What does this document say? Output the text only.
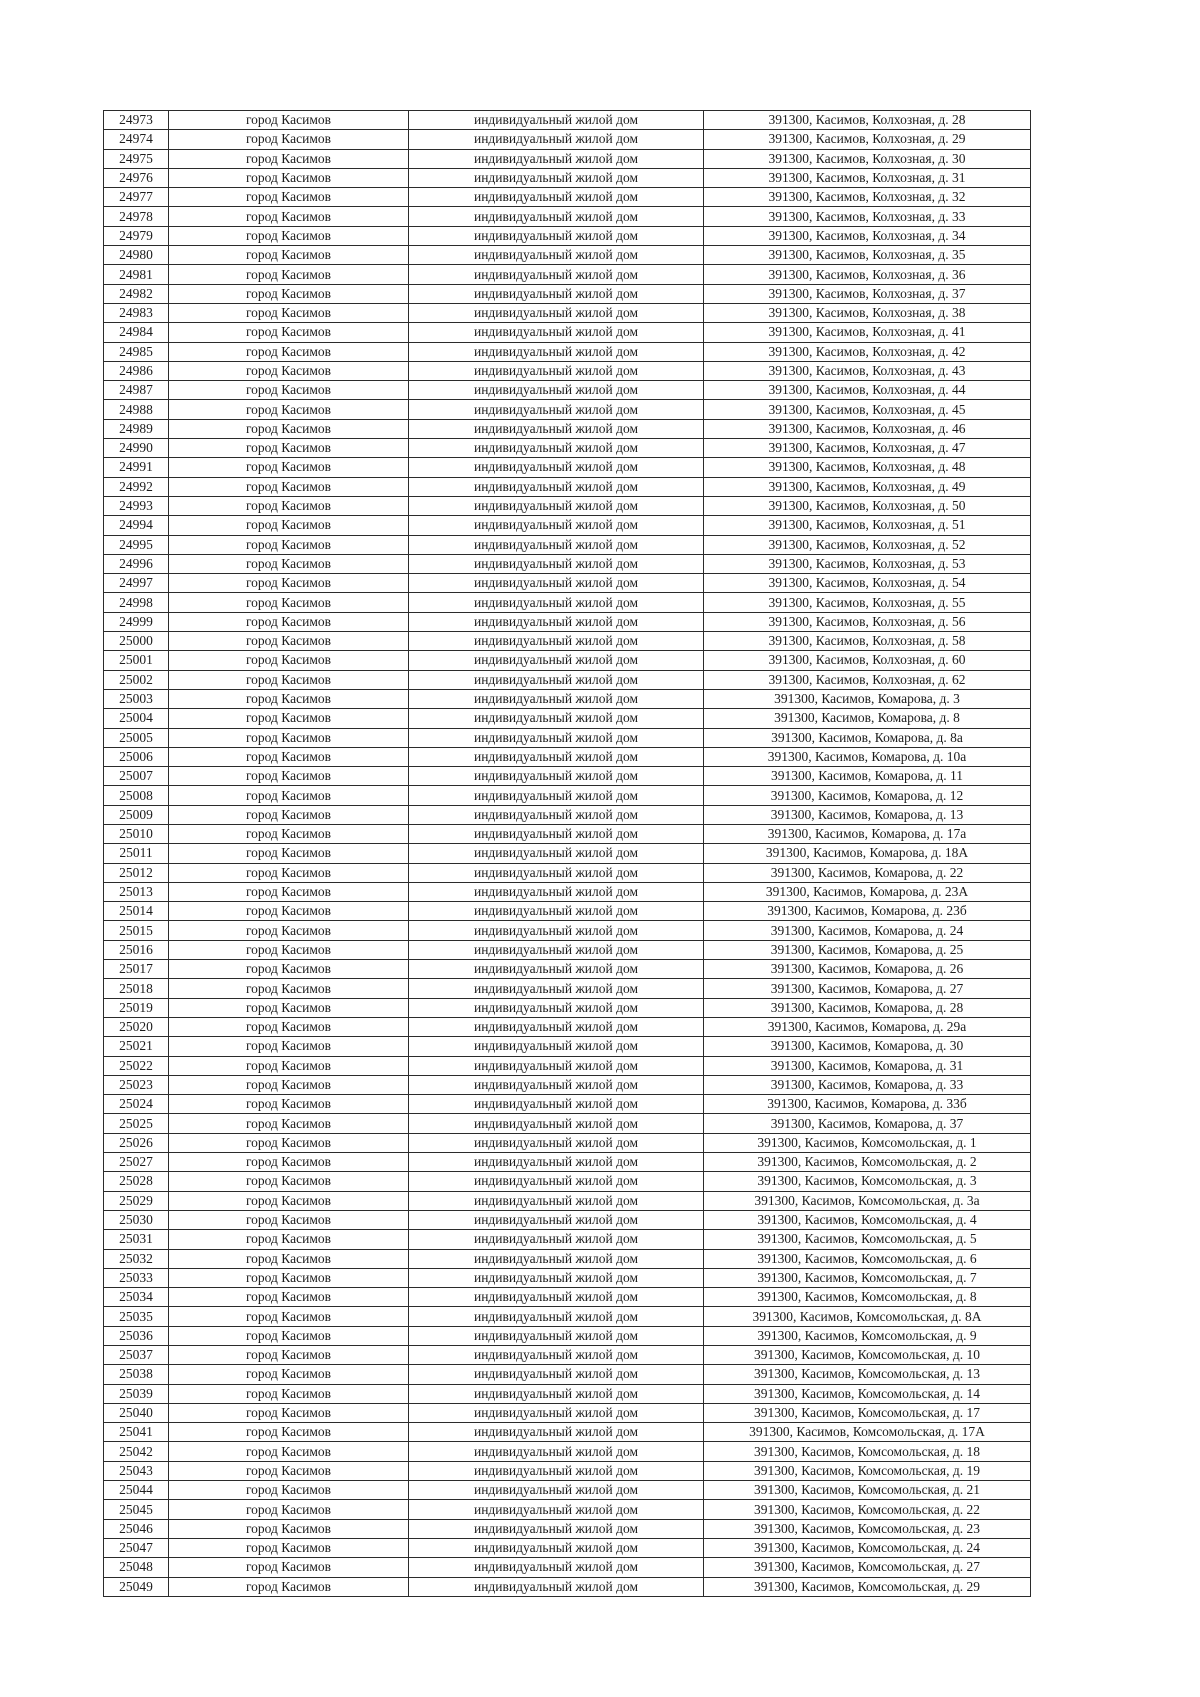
24973	город Касимов	индивидуальный жилой дом	391300, Касимов, Колхозная, д. 28
24974	город Касимов	индивидуальный жилой дом	391300, Касимов, Колхозная, д. 29
24975	город Касимов	индивидуальный жилой дом	391300, Касимов, Колхозная, д. 30
24976	город Касимов	индивидуальный жилой дом	391300, Касимов, Колхозная, д. 31
24977	город Касимов	индивидуальный жилой дом	391300, Касимов, Колхозная, д. 32
24978	город Касимов	индивидуальный жилой дом	391300, Касимов, Колхозная, д. 33
24979	город Касимов	индивидуальный жилой дом	391300, Касимов, Колхозная, д. 34
24980	город Касимов	индивидуальный жилой дом	391300, Касимов, Колхозная, д. 35
24981	город Касимов	индивидуальный жилой дом	391300, Касимов, Колхозная, д. 36
24982	город Касимов	индивидуальный жилой дом	391300, Касимов, Колхозная, д. 37
24983	город Касимов	индивидуальный жилой дом	391300, Касимов, Колхозная, д. 38
24984	город Касимов	индивидуальный жилой дом	391300, Касимов, Колхозная, д. 41
24985	город Касимов	индивидуальный жилой дом	391300, Касимов, Колхозная, д. 42
24986	город Касимов	индивидуальный жилой дом	391300, Касимов, Колхозная, д. 43
24987	город Касимов	индивидуальный жилой дом	391300, Касимов, Колхозная, д. 44
24988	город Касимов	индивидуальный жилой дом	391300, Касимов, Колхозная, д. 45
24989	город Касимов	индивидуальный жилой дом	391300, Касимов, Колхозная, д. 46
24990	город Касимов	индивидуальный жилой дом	391300, Касимов, Колхозная, д. 47
24991	город Касимов	индивидуальный жилой дом	391300, Касимов, Колхозная, д. 48
24992	город Касимов	индивидуальный жилой дом	391300, Касимов, Колхозная, д. 49
24993	город Касимов	индивидуальный жилой дом	391300, Касимов, Колхозная, д. 50
24994	город Касимов	индивидуальный жилой дом	391300, Касимов, Колхозная, д. 51
24995	город Касимов	индивидуальный жилой дом	391300, Касимов, Колхозная, д. 52
24996	город Касимов	индивидуальный жилой дом	391300, Касимов, Колхозная, д. 53
24997	город Касимов	индивидуальный жилой дом	391300, Касимов, Колхозная, д. 54
24998	город Касимов	индивидуальный жилой дом	391300, Касимов, Колхозная, д. 55
24999	город Касимов	индивидуальный жилой дом	391300, Касимов, Колхозная, д. 56
25000	город Касимов	индивидуальный жилой дом	391300, Касимов, Колхозная, д. 58
25001	город Касимов	индивидуальный жилой дом	391300, Касимов, Колхозная, д. 60
25002	город Касимов	индивидуальный жилой дом	391300, Касимов, Колхозная, д. 62
25003	город Касимов	индивидуальный жилой дом	391300, Касимов, Комарова, д. 3
25004	город Касимов	индивидуальный жилой дом	391300, Касимов, Комарова, д. 8
25005	город Касимов	индивидуальный жилой дом	391300, Касимов, Комарова, д. 8а
25006	город Касимов	индивидуальный жилой дом	391300, Касимов, Комарова, д. 10а
25007	город Касимов	индивидуальный жилой дом	391300, Касимов, Комарова, д. 11
25008	город Касимов	индивидуальный жилой дом	391300, Касимов, Комарова, д. 12
25009	город Касимов	индивидуальный жилой дом	391300, Касимов, Комарова, д. 13
25010	город Касимов	индивидуальный жилой дом	391300, Касимов, Комарова, д. 17а
25011	город Касимов	индивидуальный жилой дом	391300, Касимов, Комарова, д. 18А
25012	город Касимов	индивидуальный жилой дом	391300, Касимов, Комарова, д. 22
25013	город Касимов	индивидуальный жилой дом	391300, Касимов, Комарова, д. 23А
25014	город Касимов	индивидуальный жилой дом	391300, Касимов, Комарова, д. 23б
25015	город Касимов	индивидуальный жилой дом	391300, Касимов, Комарова, д. 24
25016	город Касимов	индивидуальный жилой дом	391300, Касимов, Комарова, д. 25
25017	город Касимов	индивидуальный жилой дом	391300, Касимов, Комарова, д. 26
25018	город Касимов	индивидуальный жилой дом	391300, Касимов, Комарова, д. 27
25019	город Касимов	индивидуальный жилой дом	391300, Касимов, Комарова, д. 28
25020	город Касимов	индивидуальный жилой дом	391300, Касимов, Комарова, д. 29а
25021	город Касимов	индивидуальный жилой дом	391300, Касимов, Комарова, д. 30
25022	город Касимов	индивидуальный жилой дом	391300, Касимов, Комарова, д. 31
25023	город Касимов	индивидуальный жилой дом	391300, Касимов, Комарова, д. 33
25024	город Касимов	индивидуальный жилой дом	391300, Касимов, Комарова, д. 33б
25025	город Касимов	индивидуальный жилой дом	391300, Касимов, Комарова, д. 37
25026	город Касимов	индивидуальный жилой дом	391300, Касимов, Комсомольская, д. 1
25027	город Касимов	индивидуальный жилой дом	391300, Касимов, Комсомольская, д. 2
25028	город Касимов	индивидуальный жилой дом	391300, Касимов, Комсомольская, д. 3
25029	город Касимов	индивидуальный жилой дом	391300, Касимов, Комсомольская, д. 3а
25030	город Касимов	индивидуальный жилой дом	391300, Касимов, Комсомольская, д. 4
25031	город Касимов	индивидуальный жилой дом	391300, Касимов, Комсомольская, д. 5
25032	город Касимов	индивидуальный жилой дом	391300, Касимов, Комсомольская, д. 6
25033	город Касимов	индивидуальный жилой дом	391300, Касимов, Комсомольская, д. 7
25034	город Касимов	индивидуальный жилой дом	391300, Касимов, Комсомольская, д. 8
25035	город Касимов	индивидуальный жилой дом	391300, Касимов, Комсомольская, д. 8А
25036	город Касимов	индивидуальный жилой дом	391300, Касимов, Комсомольская, д. 9
25037	город Касимов	индивидуальный жилой дом	391300, Касимов, Комсомольская, д. 10
25038	город Касимов	индивидуальный жилой дом	391300, Касимов, Комсомольская, д. 13
25039	город Касимов	индивидуальный жилой дом	391300, Касимов, Комсомольская, д. 14
25040	город Касимов	индивидуальный жилой дом	391300, Касимов, Комсомольская, д. 17
25041	город Касимов	индивидуальный жилой дом	391300, Касимов, Комсомольская, д. 17А
25042	город Касимов	индивидуальный жилой дом	391300, Касимов, Комсомольская, д. 18
25043	город Касимов	индивидуальный жилой дом	391300, Касимов, Комсомольская, д. 19
25044	город Касимов	индивидуальный жилой дом	391300, Касимов, Комсомольская, д. 21
25045	город Касимов	индивидуальный жилой дом	391300, Касимов, Комсомольская, д. 22
25046	город Касимов	индивидуальный жилой дом	391300, Касимов, Комсомольская, д. 23
25047	город Касимов	индивидуальный жилой дом	391300, Касимов, Комсомольская, д. 24
25048	город Касимов	индивидуальный жилой дом	391300, Касимов, Комсомольская, д. 27
25049	город Касимов	индивидуальный жилой дом	391300, Касимов, Комсомольская, д. 29
